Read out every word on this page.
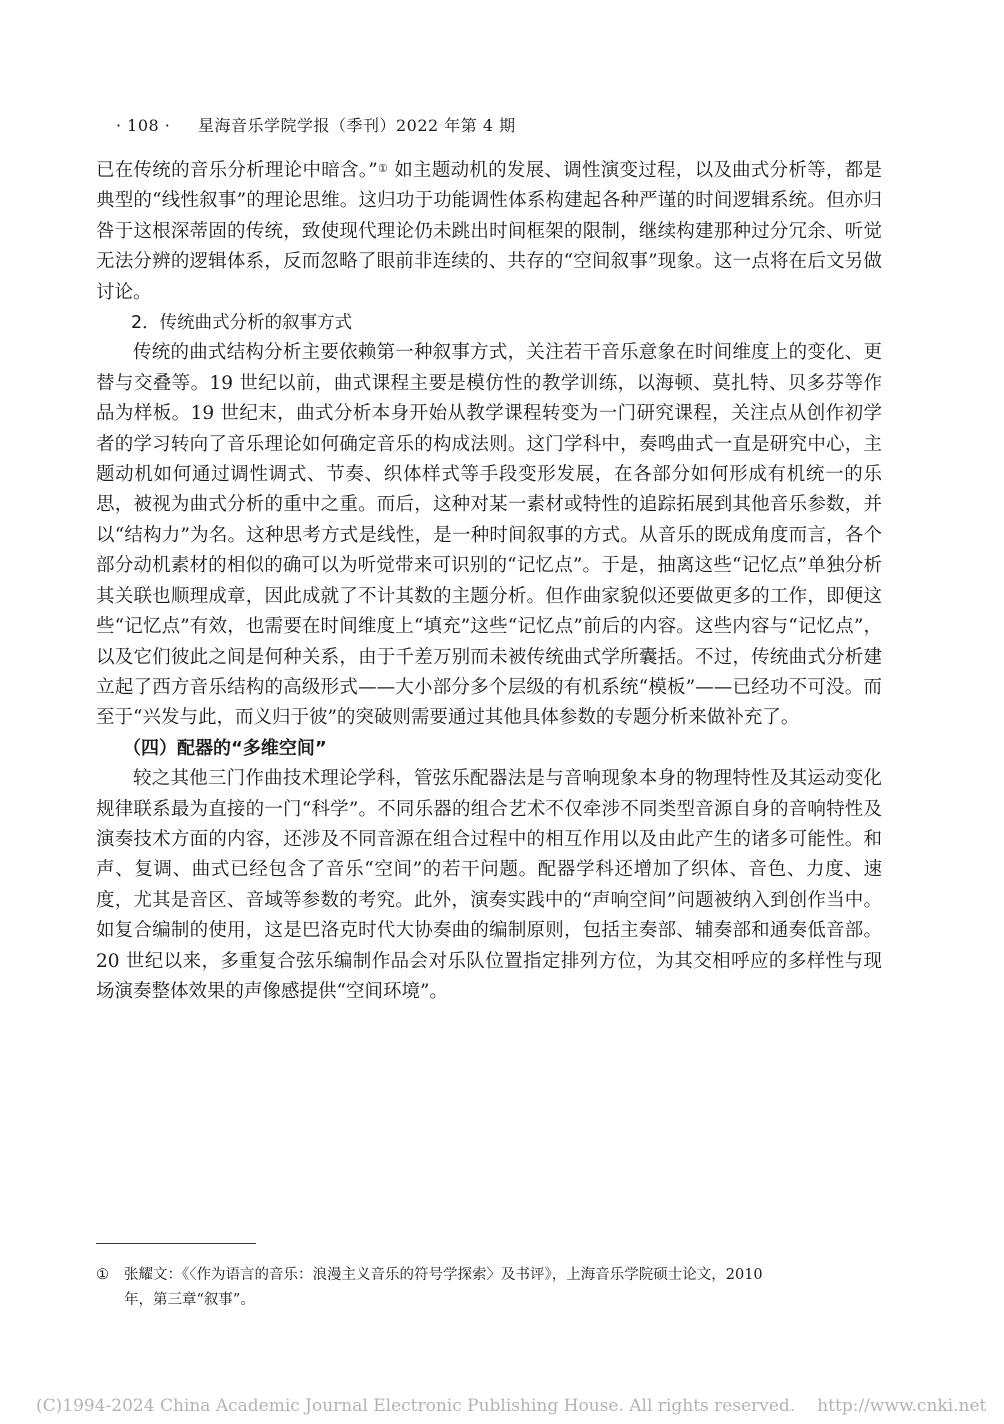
· 108 · 星海音乐学院学报（季刊）2022 年第 4 期

已在传统的音乐分析理论中暗含。”① 如主题动机的发展、调性演变过程，以及曲式分析等，都是典型的“线性叙事”的理论思维。这归功于功能调性体系构建起各种严谨的时间逻辑系统。但亦归咎于这根深蒂固的传统，致使现代理论仍未跳出时间框架的限制，继续构建那种过分冗余、听觉无法分辨的逻辑体系，反而忽略了眼前非连续的、共存的“空间叙事”现象。这一点将在后文另做讨论。

2．传统曲式分析的叙事方式

传统的曲式结构分析主要依赖第一种叙事方式，关注若干音乐意象在时间维度上的变化、更替与交叠等。19 世纪以前，曲式课程主要是模仿性的教学训练，以海顿、莫扎特、贝多芬等作品为样板。19 世纪末，曲式分析本身开始从教学课程转变为一门研究课程，关注点从创作初学者的学习转向了音乐理论如何确定音乐的构成法则。这门学科中，奏鸣曲式一直是研究中心，主题动机如何通过调性调式、节奏、织体样式等手段变形发展，在各部分如何形成有机统一的乐思，被视为曲式分析的重中之重。而后，这种对某一素材或特性的追踪拓展到其他音乐参数，并以“结构力”为名。这种思考方式是线性，是一种时间叙事的方式。从音乐的既成角度而言，各个部分动机素材的相似的确可以为听觉带来可识别的“记忆点”。于是，抽离这些“记忆点”单独分析其关联也顺理成章，因此成就了不计其数的主题分析。但作曲家貌似还要做更多的工作，即便这些“记忆点”有效，也需要在时间维度上“填充”这些“记忆点”前后的内容。这些内容与“记忆点”，以及它们彼此之间是何种关系，由于千差万别而未被传统曲式学所囊括。不过，传统曲式分析建立起了西方音乐结构的高级形式——大小部分多个层级的有机系统“模板”——已经功不可没。而至于“兴发与此，而义归于彼”的突破则需要通过其他具体参数的专题分析来做补充了。

（四）配器的“多维空间”

较之其他三门作曲技术理论学科，管弦乐配器法是与音响现象本身的物理特性及其运动变化规律联系最为直接的一门“科学”。不同乐器的组合艺术不仅牵涉不同类型音源自身的音响特性及演奏技术方面的内容，还涉及不同音源在组合过程中的相互作用以及由此产生的诸多可能性。和声、复调、曲式已经包含了音乐“空间”的若干问题。配器学科还增加了织体、音色、力度、速度，尤其是音区、音域等参数的考究。此外，演奏实践中的“声响空间”问题被纳入到创作当中。如复合编制的使用，这是巴洛克时代大协奏曲的编制原则，包括主奏部、辅奏部和通奏低音部。20 世纪以来，多重复合弦乐编制作品会对乐队位置指定排列方位，为其交相呼应的多样性与现场演奏整体效果的声像感提供“空间环境”。

① 张耀文：《〈作为语言的音乐：浪漫主义音乐的符号学探索〉及书评》，上海音乐学院硕士论文，2010
年，第三章“叙事”。
(C)1994-2024 China Academic Journal Electronic Publishing House. All rights reserved. http://www.cnki.net
